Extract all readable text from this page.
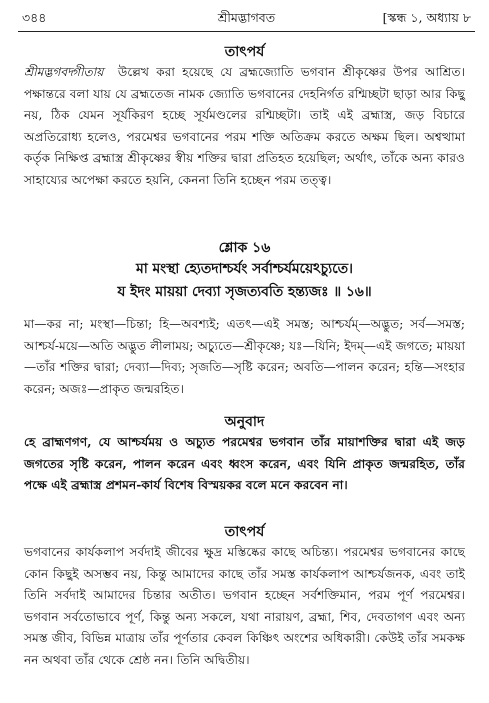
৩৪৪	শ্রীমদ্ভাগবত	[স্কন্ধ ১, অধ্যায় ৮
তাৎপর্য

শ্রীমদ্ভগবদ্গীতায় উল্লেখ করা হয়েছে যে ব্রহ্মজ্যোতি ভগবান শ্রীকৃষ্ণের উপর আশ্রিত। পক্ষান্তরে বলা যায় যে ব্রহ্মতেজ নামক জ্যোতি ভগবানের দেহনির্গত রশ্মিচ্ছটা ছাড়া আর কিছু নয়, ঠিক যেমন সূর্যকিরণ হচ্ছে সূর্যমণ্ডলের রশ্মিচ্ছটা। তাই এই ব্রহ্মাস্ত্র, জড় বিচারে অপ্রতিরোধ্য হলেও, পরমেশ্বর ভগবানের পরম শক্তি অতিক্রম করতে অক্ষম ছিল। অশ্বত্থামা কর্তৃক নিক্ষিপ্ত ব্রহ্মাস্ত্র শ্রীকৃষ্ণের স্বীয় শক্তির দ্বারা প্রতিহত হয়েছিল; অর্থাৎ, তাঁকে অন্য কারও সাহায্যের অপেক্ষা করতে হয়নি, কেননা তিনি হচ্ছেন পরম তত্ত্ব।

শ্লোক ১৬
মা মংস্থা হ্যেতদাশ্চর্যং সর্বাশ্চর্যময়েঽচ্যুতে।
য ইদং মায়য়া দেব্যা সৃজত্যবতি হন্ত্যজঃ ॥ ১৬॥

মা—কর না; মংস্থা—চিন্তা; হি—অবশ্যই; এতৎ—এই সমস্ত; আশ্চর্যম্—অদ্ভুত; সর্ব—সমস্ত; আশ্চর্য-ময়ে—অতি অদ্ভুত লীলাময়; অচ্যুতে—শ্রীকৃষ্ণে; যঃ—যিনি; ইদম্—এই জগতে; মায়য়া—তাঁর শক্তির দ্বারা; দেব্যা—দিব্য; সৃজতি—সৃষ্টি করেন; অবতি—পালন করেন; হন্তি—সংহার করেন; অজঃ—প্রাকৃত জন্মরহিত।

অনুবাদ

হে ব্রাহ্মণগণ, যে আশ্চর্যময় ও অচ্যুত পরমেশ্বর ভগবান তাঁর মায়াশক্তির দ্বারা এই জড় জগতের সৃষ্টি করেন, পালন করেন এবং ধ্বংস করেন, এবং যিনি প্রাকৃত জন্মরহিত, তাঁর পক্ষে এই ব্রহ্মাস্ত্র প্রশমন-কার্য বিশেষ বিস্ময়কর বলে মনে করবেন না।

তাৎপর্য

ভগবানের কার্যকলাপ সর্বদাই জীবের ক্ষুদ্র মস্তিষ্কের কাছে অচিন্ত্য। পরমেশ্বর ভগবানের কাছে কোন কিছুই অসম্ভব নয়, কিন্তু আমাদের কাছে তাঁর সমস্ত কার্যকলাপ আশ্চর্যজনক, এবং তাই তিনি সর্বদাই আমাদের চিন্তার অতীত। ভগবান হচ্ছেন সর্বশক্তিমান, পরম পূর্ণ পরমেশ্বর। ভগবান সর্বতোভাবে পূর্ণ, কিন্তু অন্য সকলে, যথা নারায়ণ, ব্রহ্মা, শিব, দেবতাগণ এবং অন্য সমস্ত জীব, বিভিন্ন মাত্রায় তাঁর পূর্ণতার কেবল কিঞ্চিৎ অংশের অধিকারী। কেউই তাঁর সমকক্ষ নন অথবা তাঁর থেকে শ্রেষ্ঠ নন। তিনি অদ্বিতীয়।
